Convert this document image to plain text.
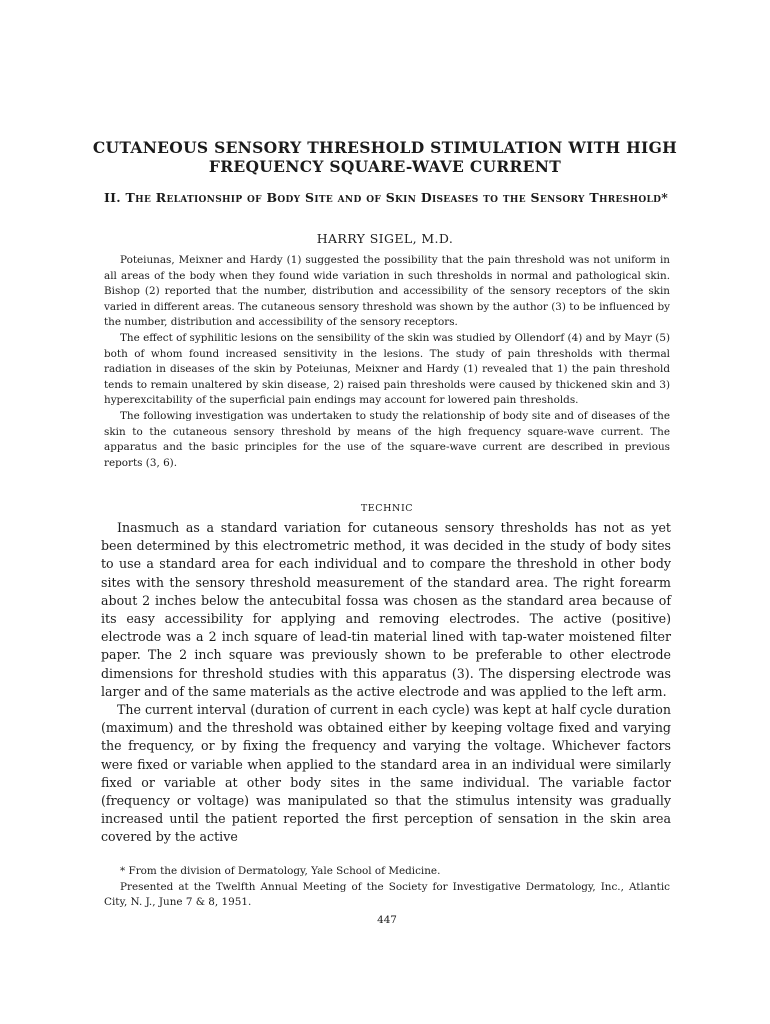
CUTANEOUS SENSORY THRESHOLD STIMULATION WITH HIGH FREQUENCY SQUARE-WAVE CURRENT
II. The Relationship of Body Site and of Skin Diseases to the Sensory Threshold*
HARRY SIGEL, M.D.

Poteiunas, Meixner and Hardy (1) suggested the possibility that the pain threshold was not uniform in all areas of the body when they found wide variation in such thresholds in normal and pathological skin. Bishop (2) reported that the number, distribution and accessibility of the sensory receptors of the skin varied in different areas. The cutaneous sensory threshold was shown by the author (3) to be influenced by the number, distribution and accessibility of the sensory receptors.

The effect of syphilitic lesions on the sensibility of the skin was studied by Ollendorf (4) and by Mayr (5) both of whom found increased sensitivity in the lesions. The study of pain thresholds with thermal radiation in diseases of the skin by Poteiunas, Meixner and Hardy (1) revealed that 1) the pain threshold tends to remain unaltered by skin disease, 2) raised pain thresholds were caused by thickened skin and 3) hyperexcitability of the superficial pain endings may account for lowered pain thresholds.

The following investigation was undertaken to study the relationship of body site and of diseases of the skin to the cutaneous sensory threshold by means of the high frequency square-wave current. The apparatus and the basic principles for the use of the square-wave current are described in previous reports (3, 6).

TECHNIC

Inasmuch as a standard variation for cutaneous sensory thresholds has not as yet been determined by this electrometric method, it was decided in the study of body sites to use a standard area for each individual and to compare the threshold in other body sites with the sensory threshold measurement of the standard area. The right forearm about 2 inches below the antecubital fossa was chosen as the standard area because of its easy accessibility for applying and removing electrodes. The active (positive) electrode was a 2 inch square of lead-tin material lined with tap-water moistened filter paper. The 2 inch square was previously shown to be preferable to other electrode dimensions for threshold studies with this apparatus (3). The dispersing electrode was larger and of the same materials as the active electrode and was applied to the left arm.

The current interval (duration of current in each cycle) was kept at half cycle duration (maximum) and the threshold was obtained either by keeping voltage fixed and varying the frequency, or by fixing the frequency and varying the voltage. Whichever factors were fixed or variable when applied to the standard area in an individual were similarly fixed or variable at other body sites in the same individual. The variable factor (frequency or voltage) was manipulated so that the stimulus intensity was gradually increased until the patient reported the first perception of sensation in the skin area covered by the active

* From the division of Dermatology, Yale School of Medicine.

Presented at the Twelfth Annual Meeting of the Society for Investigative Dermatology, Inc., Atlantic City, N. J., June 7 & 8, 1951.

447
